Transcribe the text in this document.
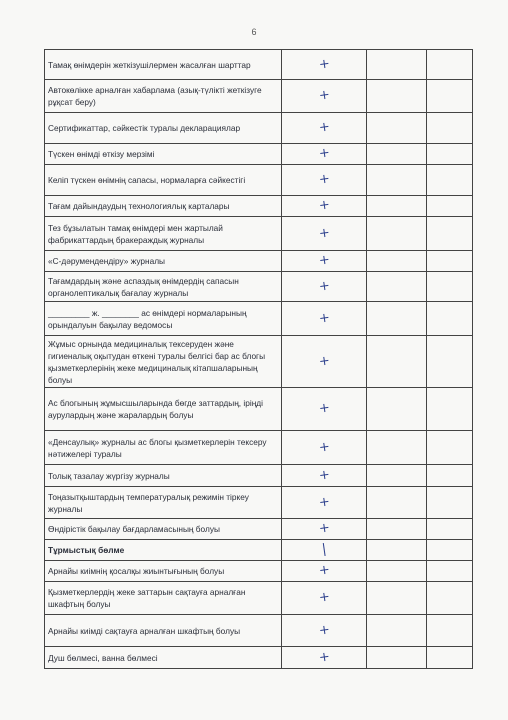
6
Тамақ өнімдерін жеткізушілермен жасалған шарттар	+		
Автокөлікке арналған хабарлама (азық-түлікті жеткізуге рұқсат беру)	+		
Сертификаттар, сәйкестік туралы декларациялар	+		
Түскен өнімді өткізу мерзімі	+		
Келіп түскен өнімнің сапасы, нормаларға сәйкестігі	+		
Тағам дайындаудың технологиялық карталары	+		
Тез бұзылатын тамақ өнімдері мен жартылай фабрикаттардың бракераждық журналы	+		
«С-дәрумендендіру» журналы	+		
Тағамдардың және аспаздық өнімдердің сапасын органолептикалық бағалау журналы	+		
_________ ж. ________ ас өнімдері нормаларының орындалуын бақылау ведомосы	+		
Жұмыс орнында медициналық тексеруден және гигиеналық оқытудан өткені туралы белгісі бар ас блогы қызметкерлерінің жеке медициналық кітапшаларының болуы	+		
Ас блогының жұмысшыларында бөгде заттардың, іріңді аурулардың және жаралардың болуы	+		
«Денсаулық» журналы ас блогы қызметкерлерін тексеру нәтижелері туралы	+		
Толық тазалау жүргізу журналы	+		
Тоңазытқыштардың температуралық режимін тіркеу журналы	+		
Өндірістік бақылау бағдарламасының болуы	+		
Тұрмыстық бөлме	|		
Арнайы киімнің қосалқы жиынтығының болуы	+		
Қызметкерлердің жеке заттарын сақтауға арналған шкафтың болуы	+		
Арнайы киімді сақтауға арналған шкафтың болуы	+		
Душ бөлмесі, ванна бөлмесі	+		
